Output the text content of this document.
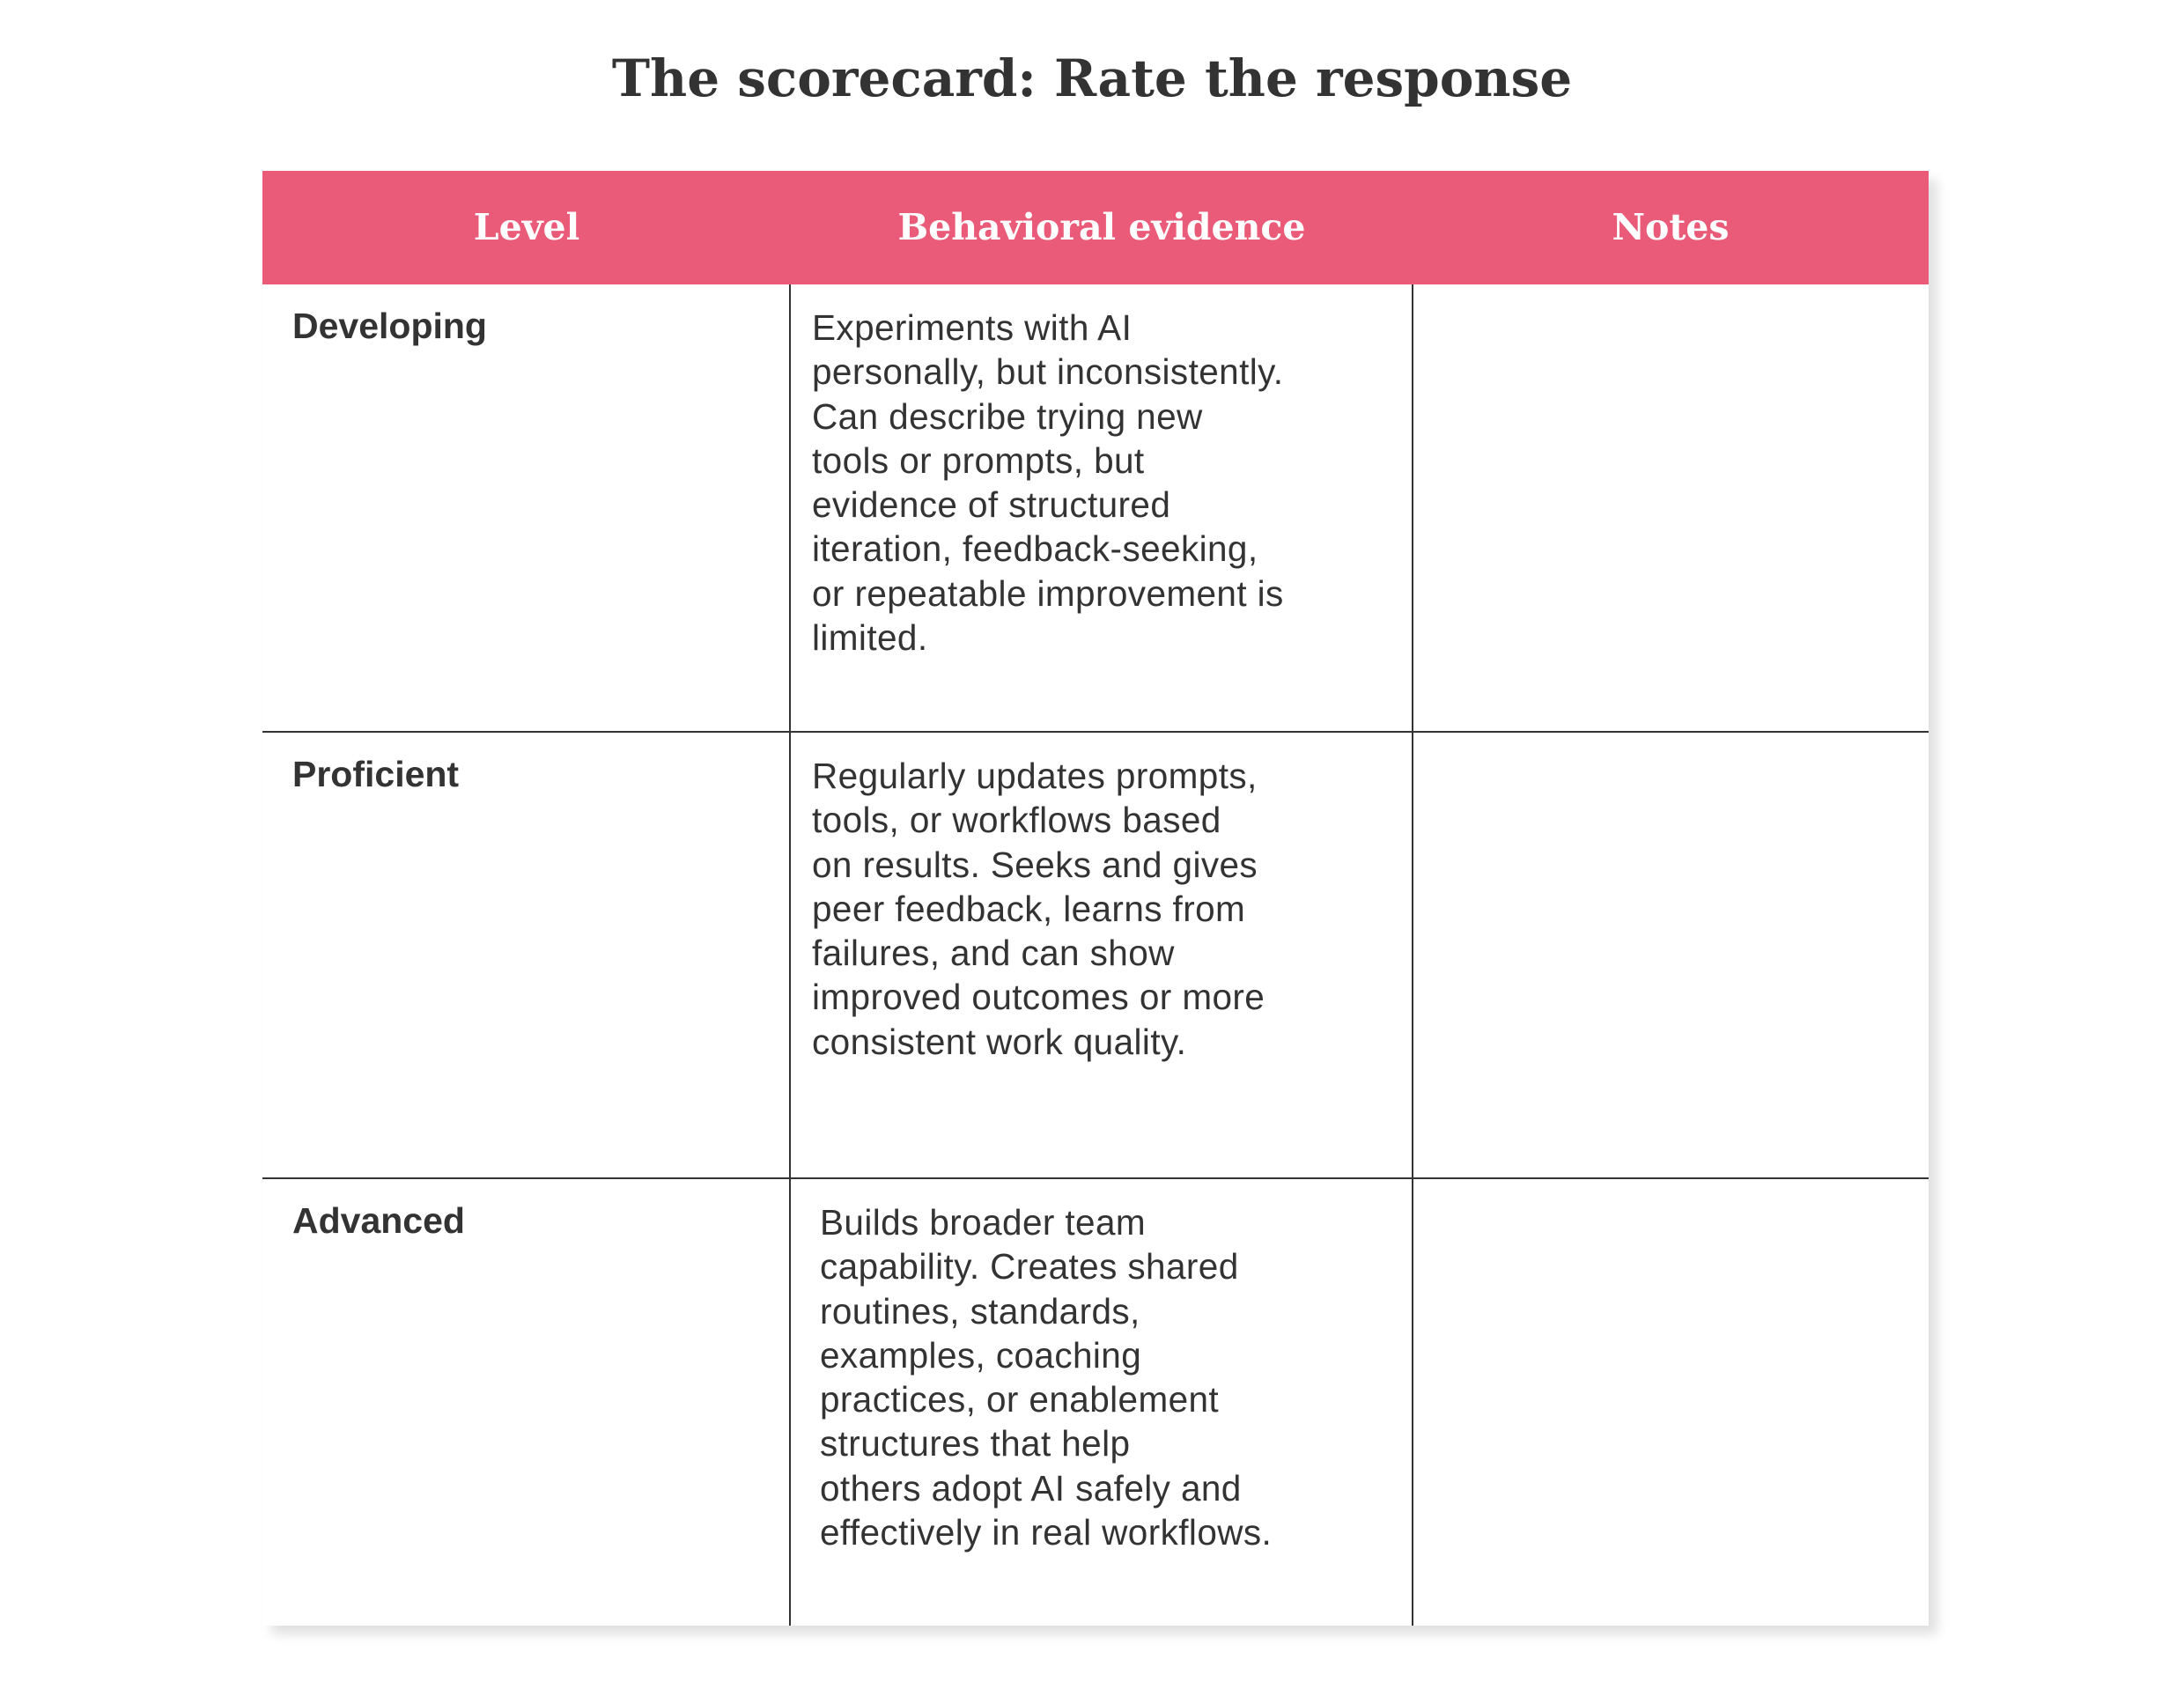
The scorecard: Rate the response
Level	Behavioral evidence	Notes
Developing	Experiments with AI
personally, but inconsistently.
Can describe trying new
tools or prompts, but
evidence of structured
iteration, feedback-seeking,
or repeatable improvement is
limited.
Proficient	Regularly updates prompts,
tools, or workflows based
on results. Seeks and gives
peer feedback, learns from
failures, and can show
improved outcomes or more
consistent work quality.
Advanced	Builds broader team
capability. Creates shared
routines, standards,
examples, coaching
practices, or enablement
structures that help
others adopt AI safely and
effectively in real workflows.
